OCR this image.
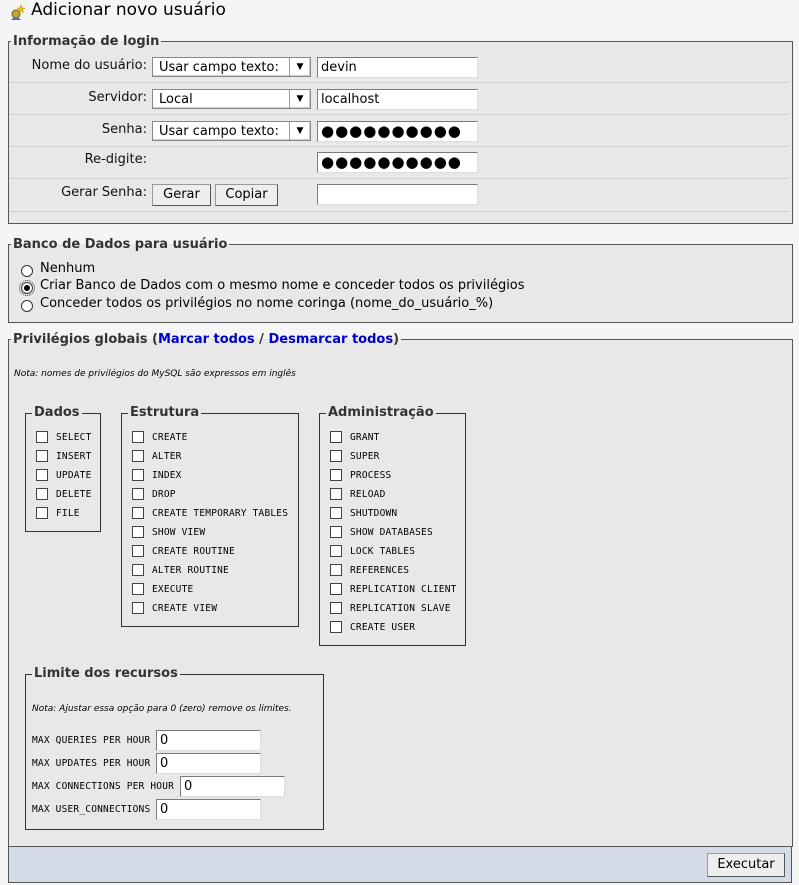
Adicionar novo usuário
Informação de login
Nome do usuário: Usar campo texto:	▼	devin
Servidor: Local	▼	localhost
Senha: Usar campo texto:	▼	●●●●●●●●●●
Re-digite:	●●●●●●●●●●
Gerar Senha:	Gerar	Copiar
Banco de Dados para usuário
Nenhum
Criar Banco de Dados com o mesmo nome e conceder todos os privilégios
Conceder todos os privilégios no nome coringa (nome_do_usuário_%)
Privilégios globais (Marcar todos / Desmarcar todos)
Nota: nomes de privilégios do MySQL são expressos em inglês
Dados
SELECT
INSERT
UPDATE
DELETE
FILE
Estrutura
CREATE
ALTER
INDEX
DROP
CREATE TEMPORARY TABLES
SHOW VIEW
CREATE ROUTINE
ALTER ROUTINE
EXECUTE
CREATE VIEW
Administração
GRANT
SUPER
PROCESS
RELOAD
SHUTDOWN
SHOW DATABASES
LOCK TABLES
REFERENCES
REPLICATION CLIENT
REPLICATION SLAVE
CREATE USER
Limite dos recursos
Nota: Ajustar essa opção para 0 (zero) remove os limites.
MAX QUERIES PER HOUR 0
MAX UPDATES PER HOUR 0
MAX CONNECTIONS PER HOUR 0
MAX USER_CONNECTIONS 0
Executar
